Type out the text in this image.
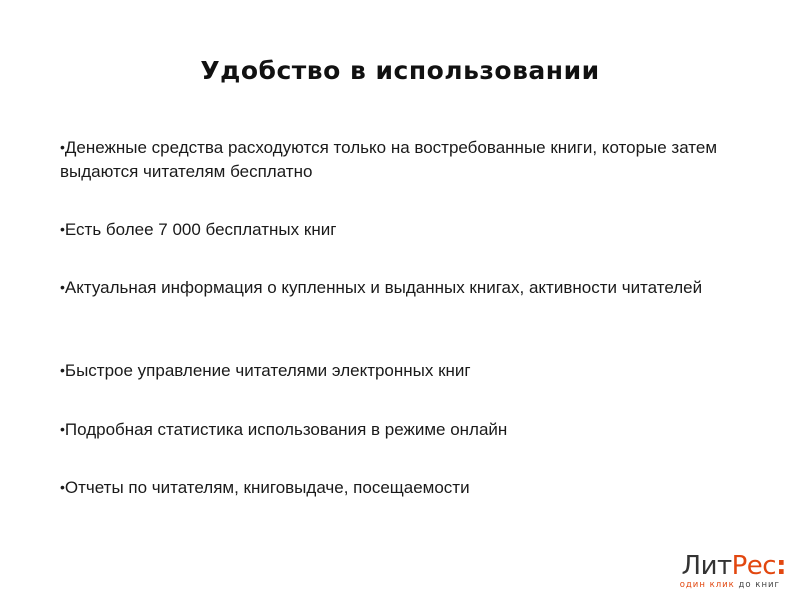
Удобство в использовании
•Денежные средства расходуются только на востребованные книги, которые затем выдаются читателям бесплатно
•Есть более 7 000 бесплатных книг
•Актуальная информация о купленных и выданных книгах, активности читателей
•Быстрое управление читателями электронных книг
•Подробная статистика использования в режиме онлайн
•Отчеты по читателям, книговыдаче, посещаемости
ЛитРес:
один клик до книг
